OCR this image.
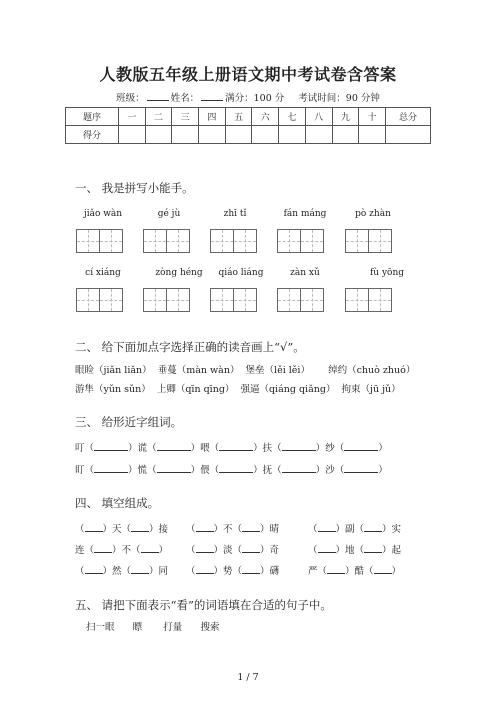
人教版五年级上册语文期中考试卷含答案
班级：	姓名：	满分：100 分 考试时间：90 分钟
题序	一	二	三	四	五	六	七	八	九	十	总分
得分											
一、 我是拼写小能手。
jiǎo wàn	gé jù	zhī tǐ	fán máng	pò zhàn
cí xiáng	zòng héng	qiáo liáng	zàn xǔ	fù yōng
二、 给下面加点字选择正确的读音画上“√”。
眼睑（jiǎn liǎn） 垂蔓（màn wàn） 堡垒（lěi lěi） 绰约（chuò zhuó）
游隼（yǔn sǔn） 上卿（qīn qīng） 强逼（qiáng qiǎng） 拘束（jū jǔ）
三、 给形近字组词。
叮（	）谎（	）喂（	）扶（	）纱（	）
盯（	）慌（	）偎（	）抚（	）沙（	）
四、 填空组成。
（ ）天（ ）接 （ ）不（ ）晴	（ ）副（ ）实
连（ ）不（ ） （ ）淡（ ）奇	（ ）地（ ）起
（ ）然（ ）同 （ ）势（ ）礴	严（ ）酷（ ）
五、 请把下面表示“看”的词语填在合适的句子中。
扫一眼 瞟 打量 搜索
1 / 7
